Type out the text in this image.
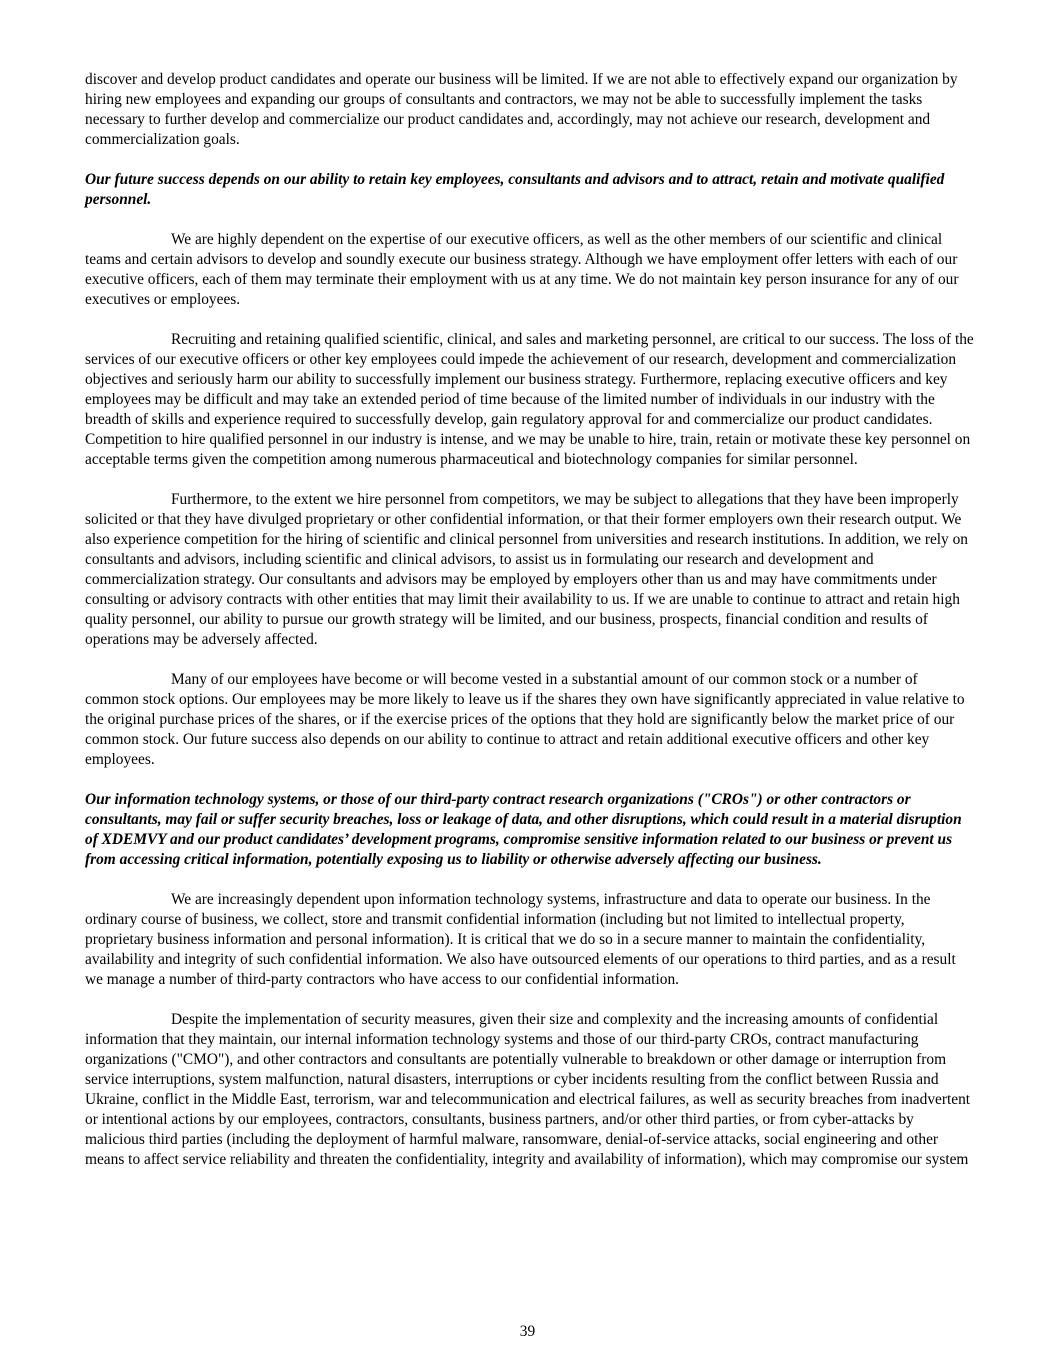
discover and develop product candidates and operate our business will be limited. If we are not able to effectively expand our organization by hiring new employees and expanding our groups of consultants and contractors, we may not be able to successfully implement the tasks necessary to further develop and commercialize our product candidates and, accordingly, may not achieve our research, development and commercialization goals.

Our future success depends on our ability to retain key employees, consultants and advisors and to attract, retain and motivate qualified personnel.

We are highly dependent on the expertise of our executive officers, as well as the other members of our scientific and clinical teams and certain advisors to develop and soundly execute our business strategy. Although we have employment offer letters with each of our executive officers, each of them may terminate their employment with us at any time. We do not maintain key person insurance for any of our executives or employees.

Recruiting and retaining qualified scientific, clinical, and sales and marketing personnel, are critical to our success. The loss of the services of our executive officers or other key employees could impede the achievement of our research, development and commercialization objectives and seriously harm our ability to successfully implement our business strategy. Furthermore, replacing executive officers and key employees may be difficult and may take an extended period of time because of the limited number of individuals in our industry with the breadth of skills and experience required to successfully develop, gain regulatory approval for and commercialize our product candidates. Competition to hire qualified personnel in our industry is intense, and we may be unable to hire, train, retain or motivate these key personnel on acceptable terms given the competition among numerous pharmaceutical and biotechnology companies for similar personnel.

Furthermore, to the extent we hire personnel from competitors, we may be subject to allegations that they have been improperly solicited or that they have divulged proprietary or other confidential information, or that their former employers own their research output. We also experience competition for the hiring of scientific and clinical personnel from universities and research institutions. In addition, we rely on consultants and advisors, including scientific and clinical advisors, to assist us in formulating our research and development and commercialization strategy. Our consultants and advisors may be employed by employers other than us and may have commitments under consulting or advisory contracts with other entities that may limit their availability to us. If we are unable to continue to attract and retain high quality personnel, our ability to pursue our growth strategy will be limited, and our business, prospects, financial condition and results of operations may be adversely affected.

Many of our employees have become or will become vested in a substantial amount of our common stock or a number of common stock options. Our employees may be more likely to leave us if the shares they own have significantly appreciated in value relative to the original purchase prices of the shares, or if the exercise prices of the options that they hold are significantly below the market price of our common stock. Our future success also depends on our ability to continue to attract and retain additional executive officers and other key employees.

Our information technology systems, or those of our third-party contract research organizations ("CROs") or other contractors or consultants, may fail or suffer security breaches, loss or leakage of data, and other disruptions, which could result in a material disruption of XDEMVY and our product candidates’ development programs, compromise sensitive information related to our business or prevent us from accessing critical information, potentially exposing us to liability or otherwise adversely affecting our business.

We are increasingly dependent upon information technology systems, infrastructure and data to operate our business. In the ordinary course of business, we collect, store and transmit confidential information (including but not limited to intellectual property, proprietary business information and personal information). It is critical that we do so in a secure manner to maintain the confidentiality, availability and integrity of such confidential information. We also have outsourced elements of our operations to third parties, and as a result we manage a number of third-party contractors who have access to our confidential information.

Despite the implementation of security measures, given their size and complexity and the increasing amounts of confidential information that they maintain, our internal information technology systems and those of our third-party CROs, contract manufacturing organizations ("CMO"), and other contractors and consultants are potentially vulnerable to breakdown or other damage or interruption from service interruptions, system malfunction, natural disasters, interruptions or cyber incidents resulting from the conflict between Russia and Ukraine, conflict in the Middle East, terrorism, war and telecommunication and electrical failures, as well as security breaches from inadvertent or intentional actions by our employees, contractors, consultants, business partners, and/or other third parties, or from cyber-attacks by malicious third parties (including the deployment of harmful malware, ransomware, denial-of-service attacks, social engineering and other means to affect service reliability and threaten the confidentiality, integrity and availability of information), which may compromise our system

39
